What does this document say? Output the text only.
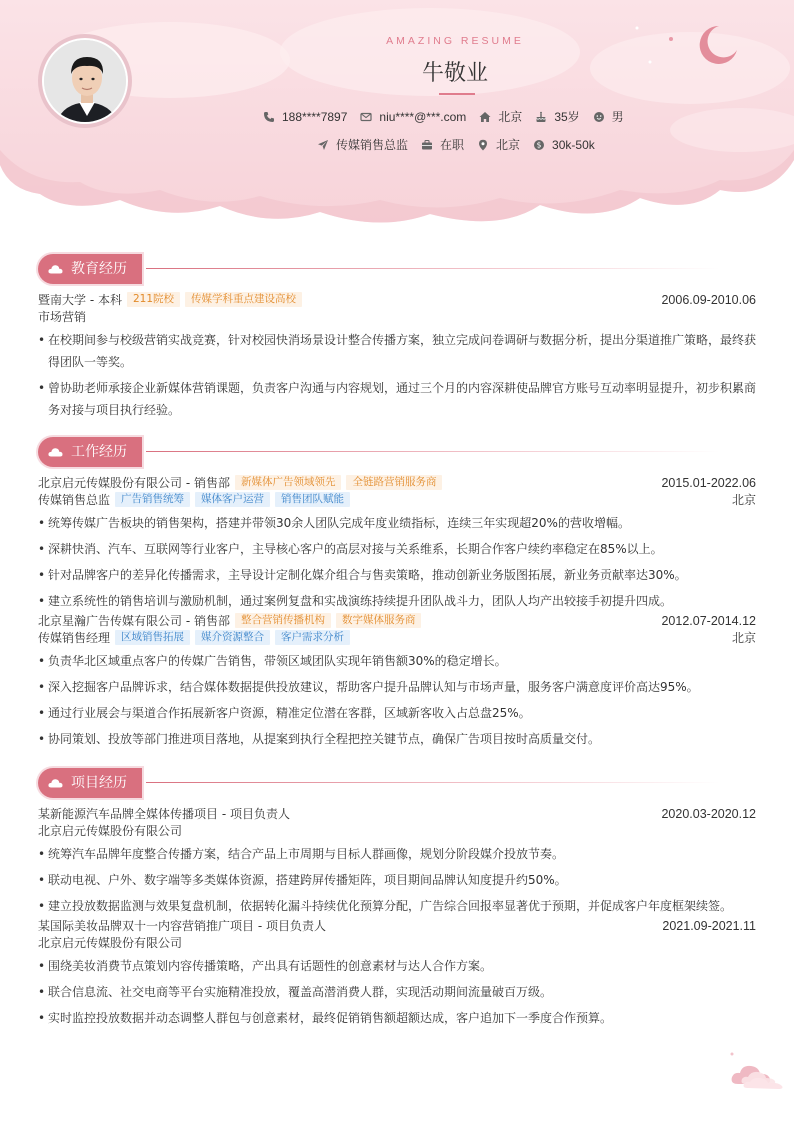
AMAZING RESUME
牛敬业
188****7897	niu****@***.com	北京	35岁	男
传媒销售总监	在职	北京 $ 30k-50k
教育经历
暨南大学 - 本科	211院校	传媒学科重点建设高校	2006.09-2010.06
市场营销
• 在校期间参与校级营销实战竞赛，针对校园快消场景设计整合传播方案，独立完成问卷调研与数据分析，提出分渠道推广策略，最终获得团队一等奖。
• 曾协助老师承接企业新媒体营销课题，负责客户沟通与内容规划，通过三个月的内容深耕使品牌官方账号互动率明显提升，初步积累商务对接与项目执行经验。
工作经历
北京启元传媒股份有限公司 - 销售部	新媒体广告领域领先	全链路营销服务商	2015.01-2022.06
传媒销售总监	广告销售统筹	媒体客户运营	销售团队赋能	北京
• 统筹传媒广告板块的销售架构，搭建并带领30余人团队完成年度业绩指标，连续三年实现超20%的营收增幅。
• 深耕快消、汽车、互联网等行业客户，主导核心客户的高层对接与关系维系，长期合作客户续约率稳定在85%以上。
• 针对品牌客户的差异化传播需求，主导设计定制化媒介组合与售卖策略，推动创新业务版图拓展，新业务贡献率达30%。
• 建立系统性的销售培训与激励机制，通过案例复盘和实战演练持续提升团队战斗力，团队人均产出较接手初提升四成。
北京星瀚广告传媒有限公司 - 销售部	整合营销传播机构	数字媒体服务商	2012.07-2014.12
传媒销售经理	区域销售拓展	媒介资源整合	客户需求分析	北京
• 负责华北区域重点客户的传媒广告销售，带领区域团队实现年销售额30%的稳定增长。
• 深入挖掘客户品牌诉求，结合媒体数据提供投放建议，帮助客户提升品牌认知与市场声量，服务客户满意度评价高达95%。
• 通过行业展会与渠道合作拓展新客户资源，精准定位潜在客群，区域新客收入占总盘25%。
• 协同策划、投放等部门推进项目落地，从提案到执行全程把控关键节点，确保广告项目按时高质量交付。
项目经历
某新能源汽车品牌全媒体传播项目 - 项目负责人	2020.03-2020.12
北京启元传媒股份有限公司
• 统筹汽车品牌年度整合传播方案，结合产品上市周期与目标人群画像，规划分阶段媒介投放节奏。
• 联动电视、户外、数字端等多类媒体资源，搭建跨屏传播矩阵，项目期间品牌认知度提升约50%。
• 建立投放数据监测与效果复盘机制，依据转化漏斗持续优化预算分配，广告综合回报率显著优于预期，并促成客户年度框架续签。
某国际美妆品牌双十一内容营销推广项目 - 项目负责人	2021.09-2021.11
北京启元传媒股份有限公司
• 围绕美妆消费节点策划内容传播策略，产出具有话题性的创意素材与达人合作方案。
• 联合信息流、社交电商等平台实施精准投放，覆盖高潜消费人群，实现活动期间流量破百万级。
• 实时监控投放数据并动态调整人群包与创意素材，最终促销销售额超额达成，客户追加下一季度合作预算。
